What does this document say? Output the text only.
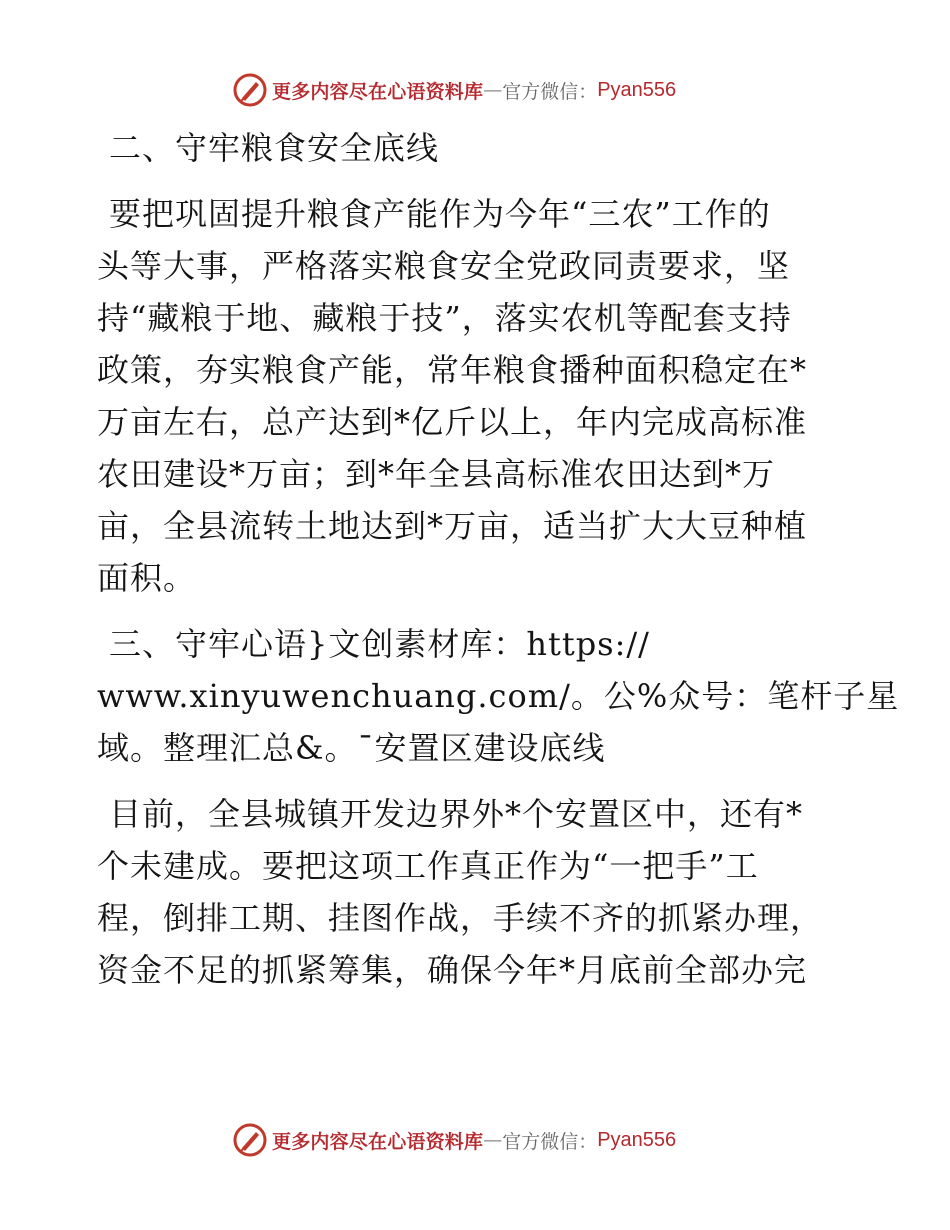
更多内容尽在心语资料库 — 官方微信： Pyan556
二、守牢粮食安全底线
要把巩固提升粮食产能作为今年“三农”工作的
头等大事，严格落实粮食安全党政同责要求，坚
持“藏粮于地、藏粮于技”，落实农机等配套支持
政策，夯实粮食产能，常年粮食播种面积稳定在*
万亩左右，总产达到*亿斤以上，年内完成高标准
农田建设*万亩；到*年全县高标准农田达到*万
亩，全县流转土地达到*万亩，适当扩大大豆种植
面积。
三、守牢心语}文创素材库：https://
www.xinyuwenchuang.com/。公%众号：笔杆子星
域。整理汇总&。¯安置区建设底线
目前，全县城镇开发边界外*个安置区中，还有*
个未建成。要把这项工作真正作为“一把手”工
程，倒排工期、挂图作战，手续不齐的抓紧办理，
资金不足的抓紧筹集，确保今年*月底前全部办完
更多内容尽在心语资料库 — 官方微信： Pyan556
